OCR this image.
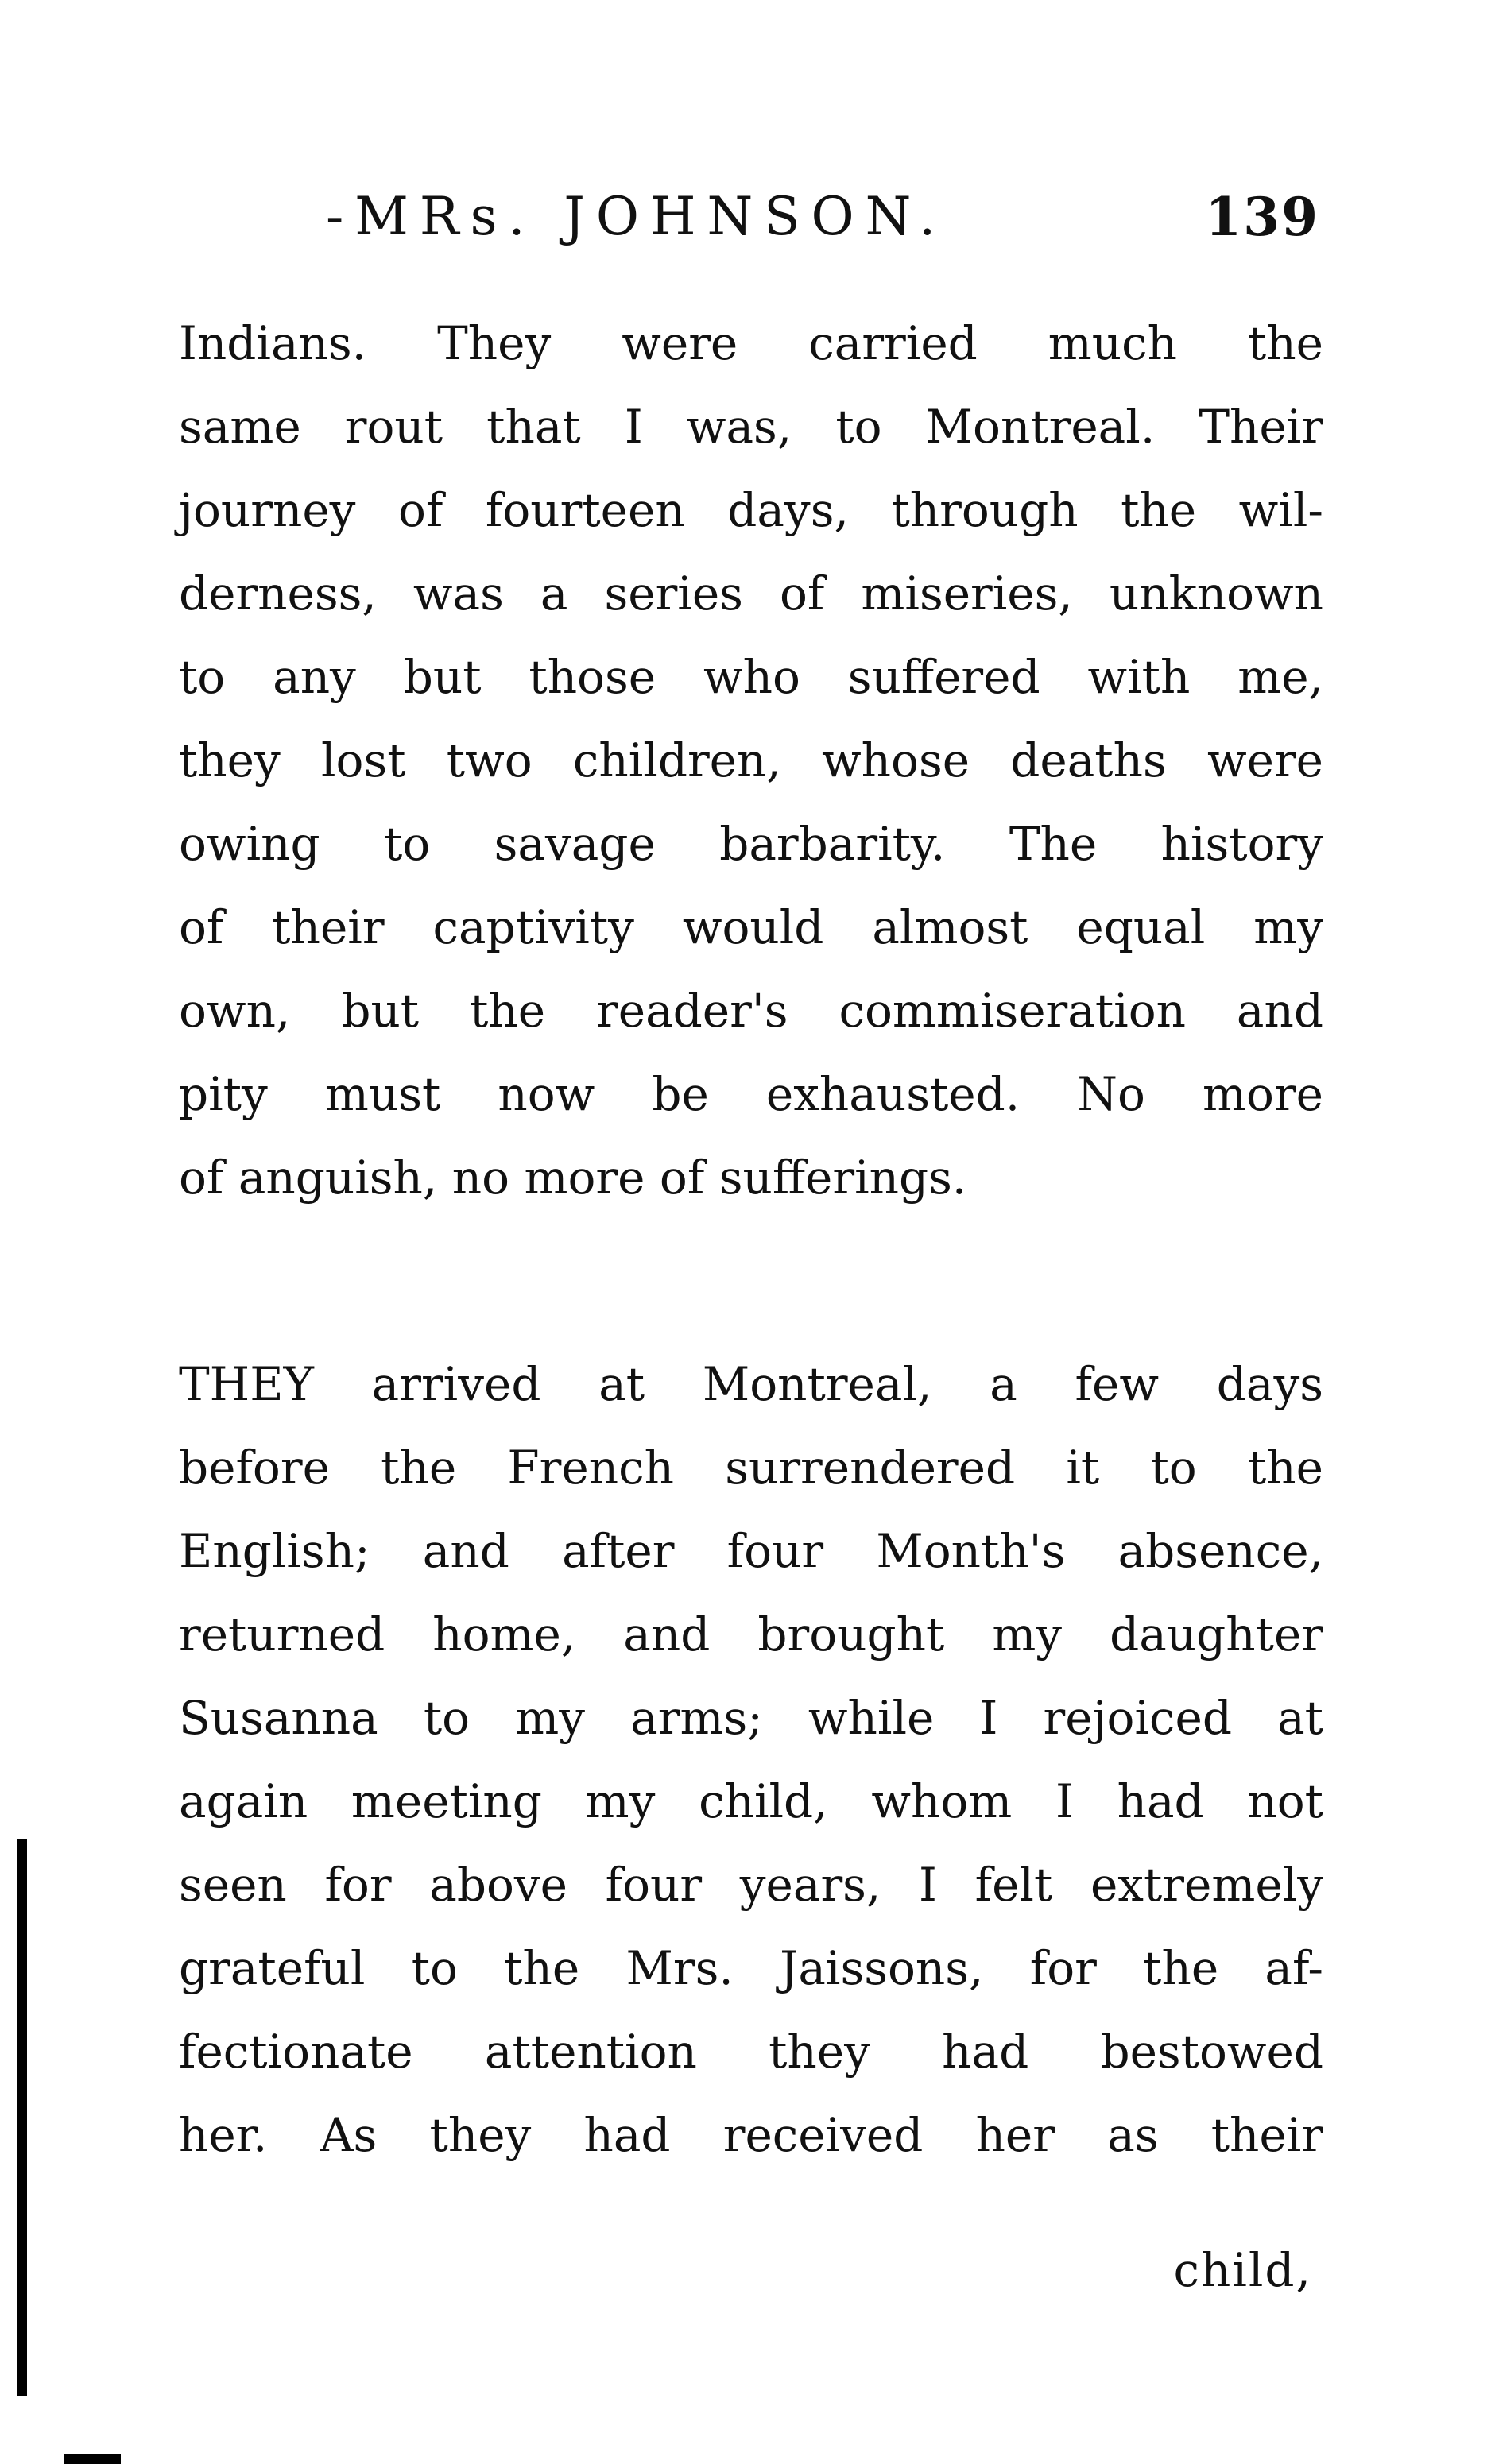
-MRs. JOHNSON.	139
Indians. They were carried much the
same rout that I was, to Montreal. Their
journey of fourteen days, through the wil-
derness, was a series of miseries, unknown
to any but those who suffered with me,
they lost two children, whose deaths were
owing to savage barbarity. The history
of their captivity would almost equal my
own, but the reader's commiseration and
pity must now be exhausted. No more
of anguish, no more of sufferings.
THEY arrived at Montreal, a few days
before the French surrendered it to the
English; and after four Month's absence,
returned home, and brought my daughter
Susanna to my arms; while I rejoiced at
again meeting my child, whom I had not
seen for above four years, I felt extremely
grateful to the Mrs. Jaissons, for the af-
fectionate attention they had bestowed
her. As they had received her as their
child,
